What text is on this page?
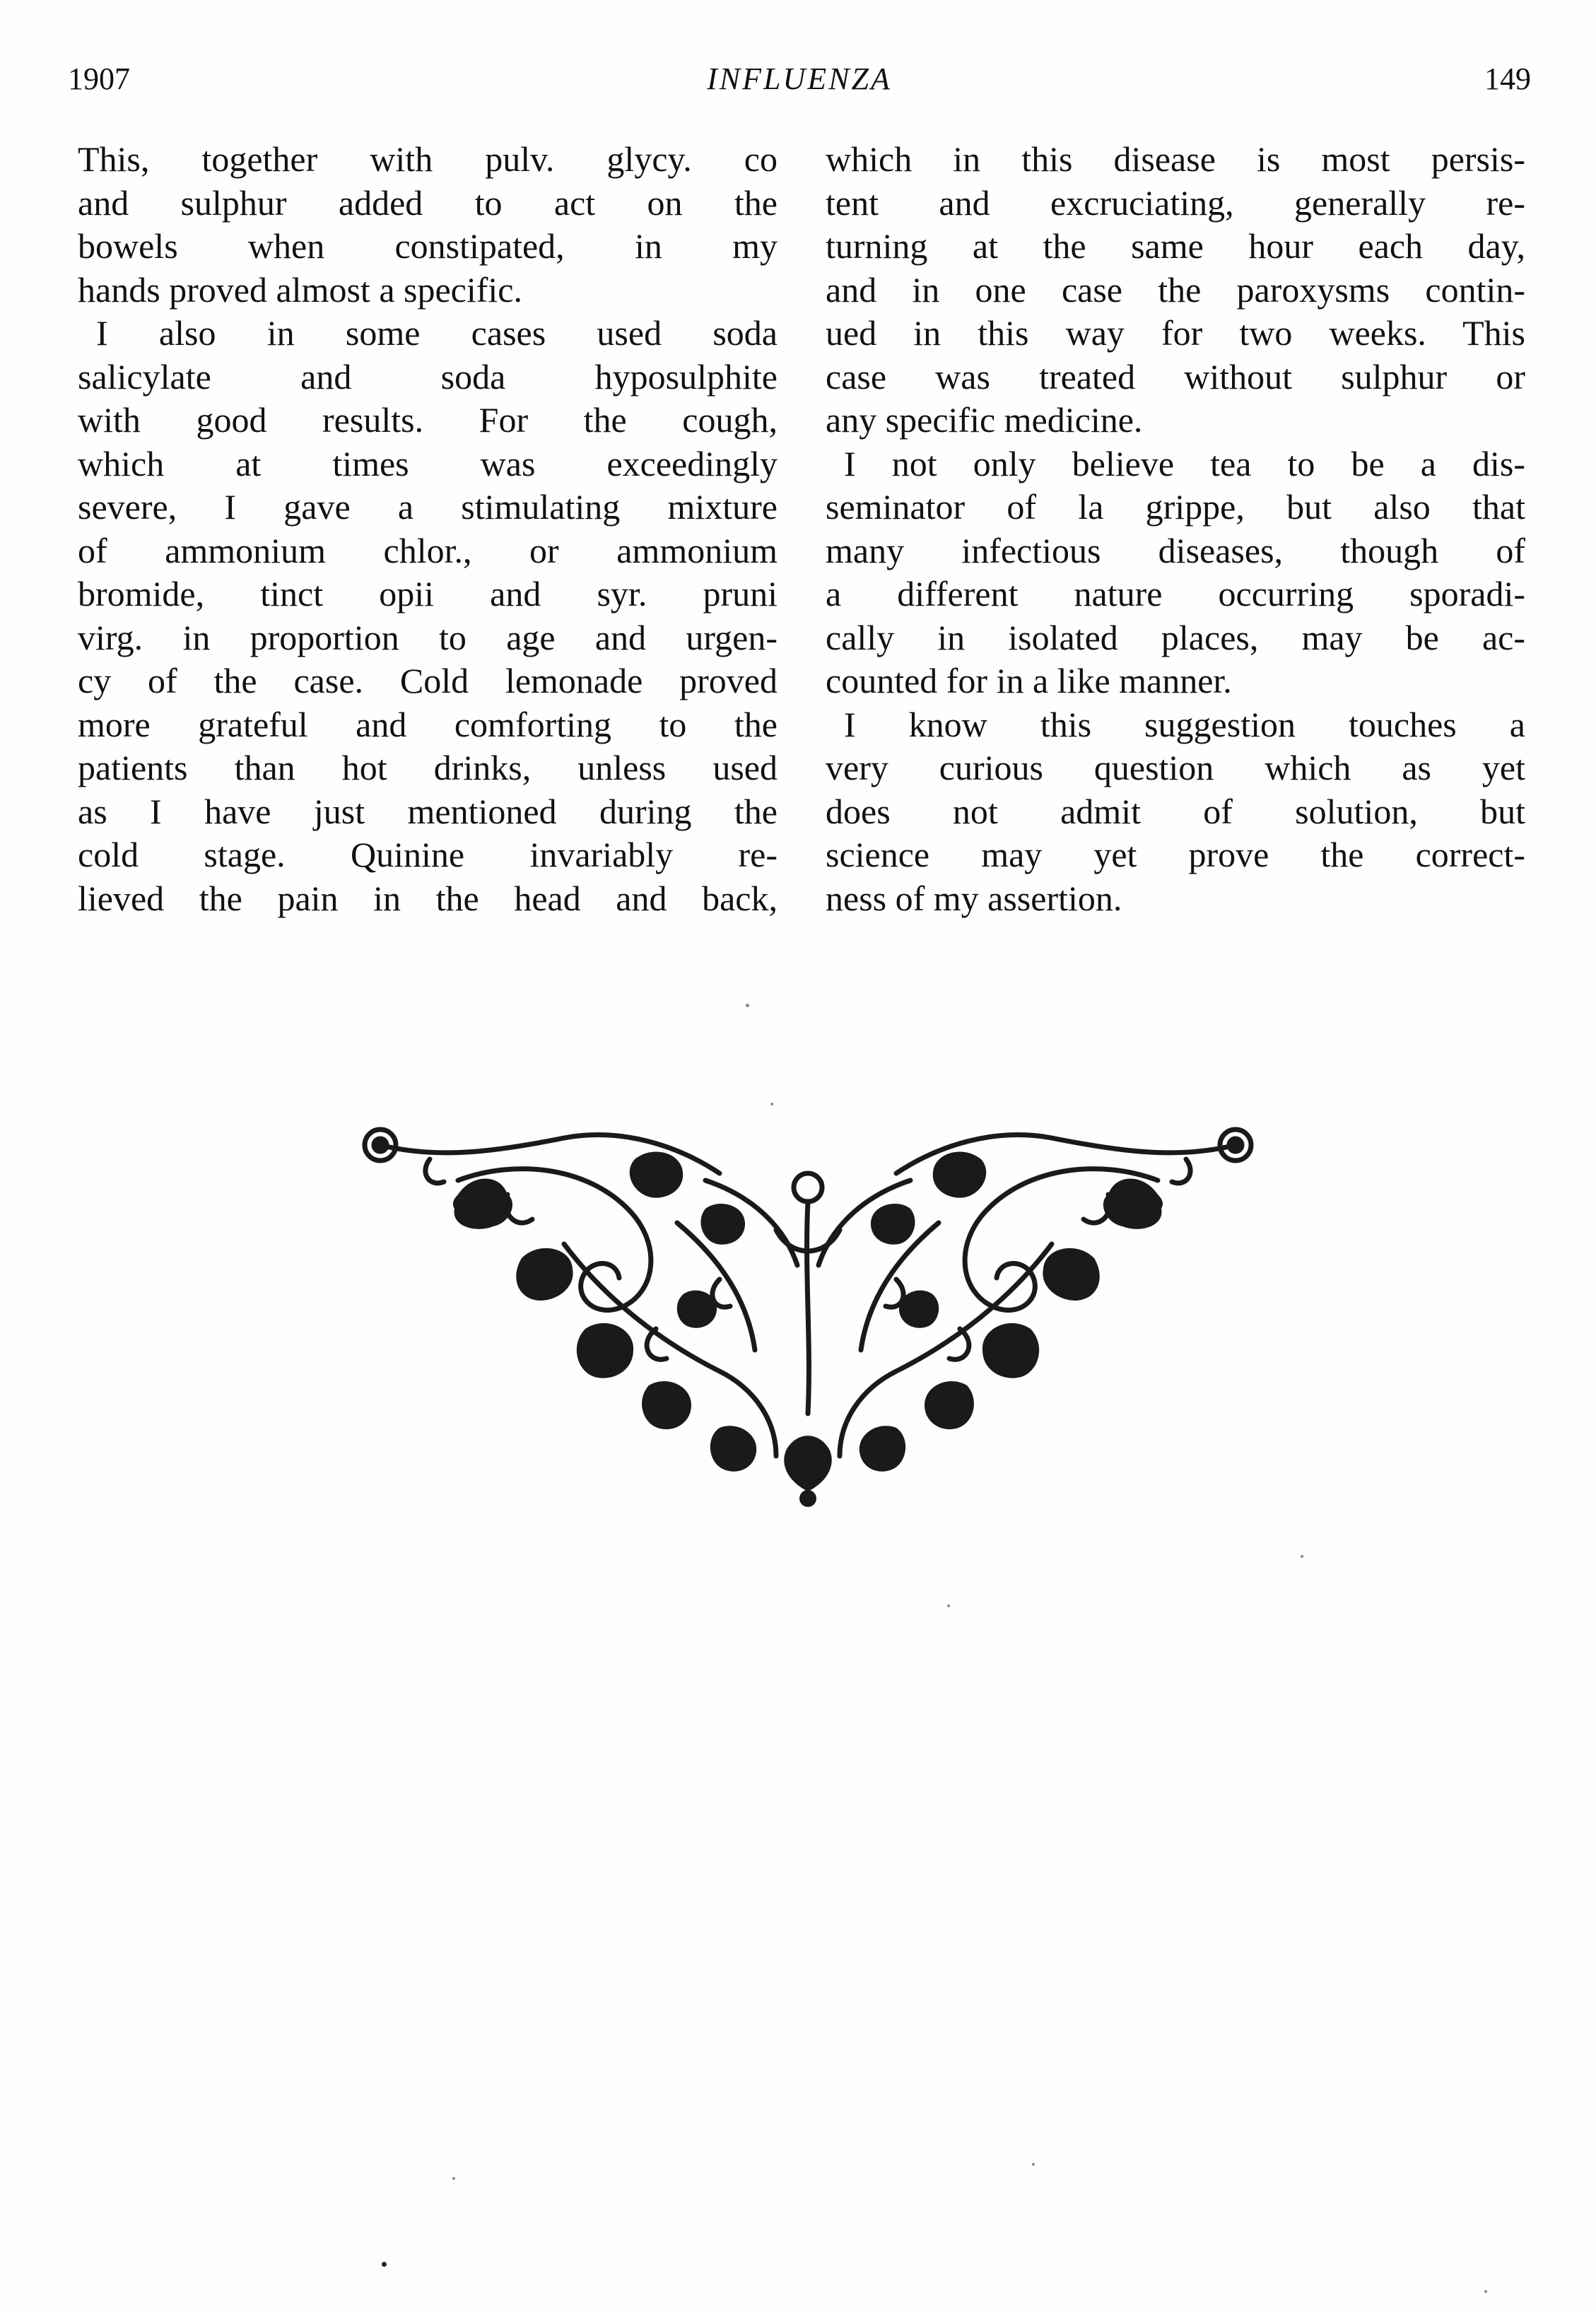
1907	INFLUENZA	149
This, together with pulv. glycy. co
and sulphur added to act on the
bowels when constipated, in my
hands proved almost a specific.
I also in some cases used soda
salicylate and soda hyposulphite
with good results. For the cough,
which at times was exceedingly
severe, I gave a stimulating mixture
of ammonium chlor., or ammonium
bromide, tinct opii and syr. pruni
virg. in proportion to age and urgen-
cy of the case. Cold lemonade proved
more grateful and comforting to the
patients than hot drinks, unless used
as I have just mentioned during the
cold stage. Quinine invariably re-
lieved the pain in the head and back,
which in this disease is most persis-
tent and excruciating, generally re-
turning at the same hour each day,
and in one case the paroxysms contin-
ued in this way for two weeks. This
case was treated without sulphur or
any specific medicine.
I not only believe tea to be a dis-
seminator of la grippe, but also that
many infectious diseases, though of
a different nature occurring sporadi-
cally in isolated places, may be ac-
counted for in a like manner.
I know this suggestion touches a
very curious question which as yet
does not admit of solution, but
science may yet prove the correct-
ness of my assertion.
